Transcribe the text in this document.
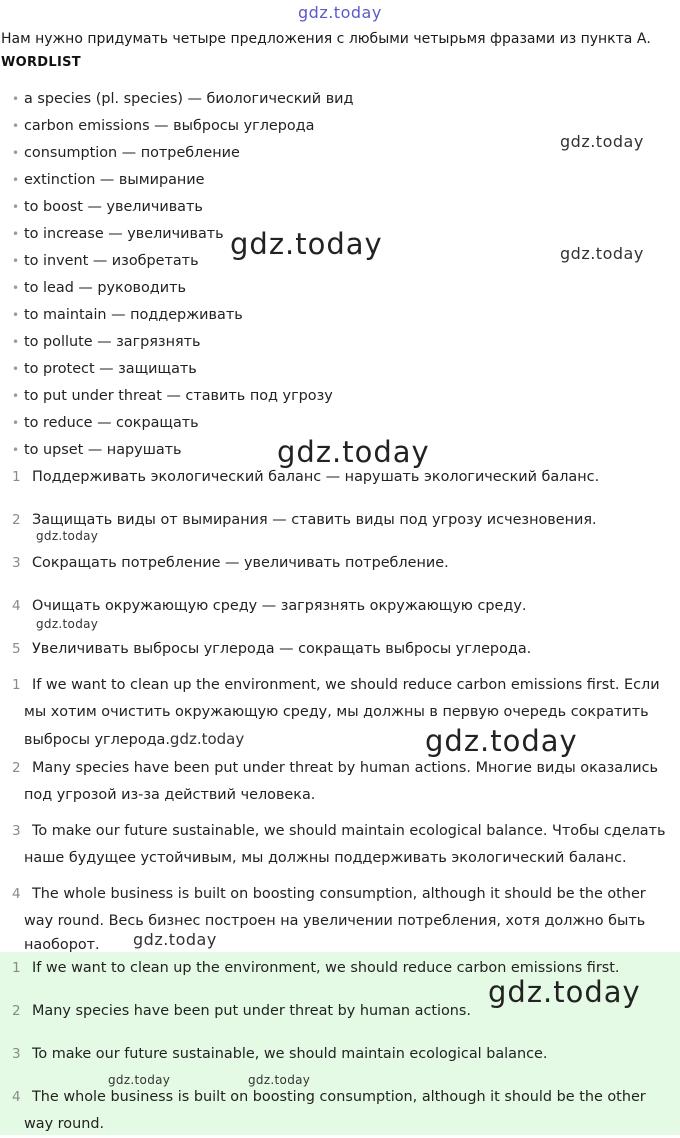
gdz.today
gdz.today
gdz.today	gdz.today
gdz.today
gdz.today
gdz.today
gdz.today
gdz.today
gdz.today
gdz.today	gdz.today
Нам нужно придумать четыре предложения с любыми четырьмя фразами из пункта А.
WORDLIST
• a species (pl. species) — биологический вид
• carbon emissions — выбросы углерода
• consumption — потребление
• extinction — вымирание
• to boost — увеличивать
• to increase — увеличивать
• to invent — изобретать
• to lead — руководить
• to maintain — поддерживать
• to pollute — загрязнять
• to protect — защищать
• to put under threat — ставить под угрозу
• to reduce — сокращать
• to upset — нарушать
1 Поддерживать экологический баланс — нарушать экологический баланс.
2 Защищать виды от вымирания — ставить виды под угрозу исчезновения.
3 Сокращать потребление — увеличивать потребление.
4 Очищать окружающую среду — загрязнять окружающую среду.
5 Увеличивать выбросы углерода — сокращать выбросы углерода.
1 If we want to clean up the environment, we should reduce carbon emissions first. Если
мы хотим очистить окружающую среду, мы должны в первую очередь сократить
выбросы углерода.gdz.today
2 Many species have been put under threat by human actions. Многие виды оказались
под угрозой из-за действий человека.
3 To make our future sustainable, we should maintain ecological balance. Чтобы сделать
наше будущее устойчивым, мы должны поддерживать экологический баланс.
4 The whole business is built on boosting consumption, although it should be the other
way round. Весь бизнес построен на увеличении потребления, хотя должно быть
наоборот.
1 If we want to clean up the environment, we should reduce carbon emissions first.
2 Many species have been put under threat by human actions.
3 To make our future sustainable, we should maintain ecological balance.
4 The whole business is built on boosting consumption, although it should be the other
way round.
